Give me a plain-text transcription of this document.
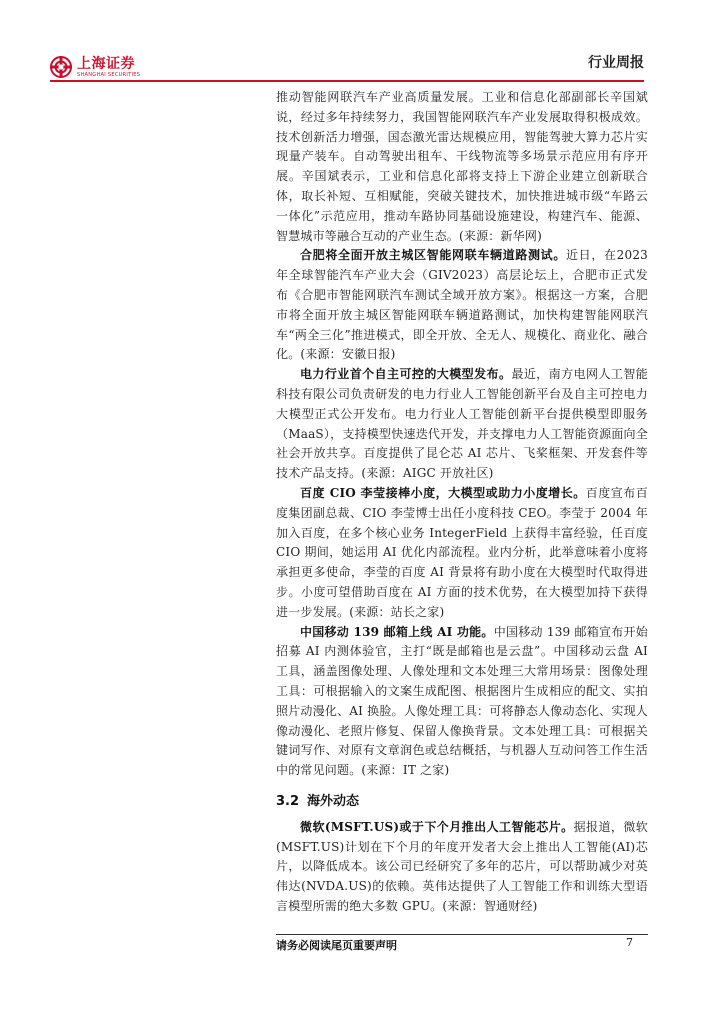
上海证券
SHANGHAI SECURITIES
行业周报

推动智能网联汽车产业高质量发展。工业和信息化部副部长辛国斌说，经过多年持续努力，我国智能网联汽车产业发展取得积极成效。技术创新活力增强，国态激光雷达规模应用，智能驾驶大算力芯片实现量产装车。自动驾驶出租车、干线物流等多场景示范应用有序开展。辛国斌表示，工业和信息化部将支持上下游企业建立创新联合体，取长补短、互相赋能，突破关键技术，加快推进城市级“车路云一体化”示范应用，推动车路协同基础设施建设，构建汽车、能源、智慧城市等融合互动的产业生态。(来源：新华网)

合肥将全面开放主城区智能网联车辆道路测试。近日，在2023年全球智能汽车产业大会（GIV2023）高层论坛上，合肥市正式发布《合肥市智能网联汽车测试全域开放方案》。根据这一方案，合肥市将全面开放主城区智能网联车辆道路测试，加快构建智能网联汽车“两全三化”推进模式，即全开放、全无人、规模化、商业化、融合化。(来源：安徽日报)

电力行业首个自主可控的大模型发布。最近，南方电网人工智能科技有限公司负责研发的电力行业人工智能创新平台及自主可控电力大模型正式公开发布。电力行业人工智能创新平台提供模型即服务（MaaS），支持模型快速迭代开发，并支撑电力人工智能资源面向全社会开放共享。百度提供了昆仑芯 AI 芯片、飞桨框架、开发套件等技术产品支持。(来源：AIGC 开放社区)

百度 CIO 李莹接棒小度，大模型或助力小度增长。百度宣布百度集团副总裁、CIO 李莹博士出任小度科技 CEO。李莹于 2004 年加入百度，在多个核心业务 IntegerField 上获得丰富经验，任百度 CIO 期间，她运用 AI 优化内部流程。业内分析，此举意味着小度将承担更多使命，李莹的百度 AI 背景将有助小度在大模型时代取得进步。小度可望借助百度在 AI 方面的技术优势，在大模型加持下获得进一步发展。(来源：站长之家)

中国移动 139 邮箱上线 AI 功能。中国移动 139 邮箱宣布开始招募 AI 内测体验官，主打“既是邮箱也是云盘”。中国移动云盘 AI 工具，涵盖图像处理、人像处理和文本处理三大常用场景：图像处理工具：可根据输入的文案生成配图、根据图片生成相应的配文、实拍照片动漫化、AI 换脸。人像处理工具：可将静态人像动态化、实现人像动漫化、老照片修复、保留人像换背景。文本处理工具：可根据关键词写作、对原有文章润色或总结概括，与机器人互动问答工作生活中的常见问题。(来源：IT 之家)

3.2 海外动态

微软(MSFT.US)或于下个月推出人工智能芯片。据报道，微软(MSFT.US)计划在下个月的年度开发者大会上推出人工智能(AI)芯片，以降低成本。该公司已经研究了多年的芯片，可以帮助减少对英伟达(NVDA.US)的依赖。英伟达提供了人工智能工作和训练大型语言模型所需的绝大多数 GPU。(来源：智通财经)

请务必阅读尾页重要声明	7
